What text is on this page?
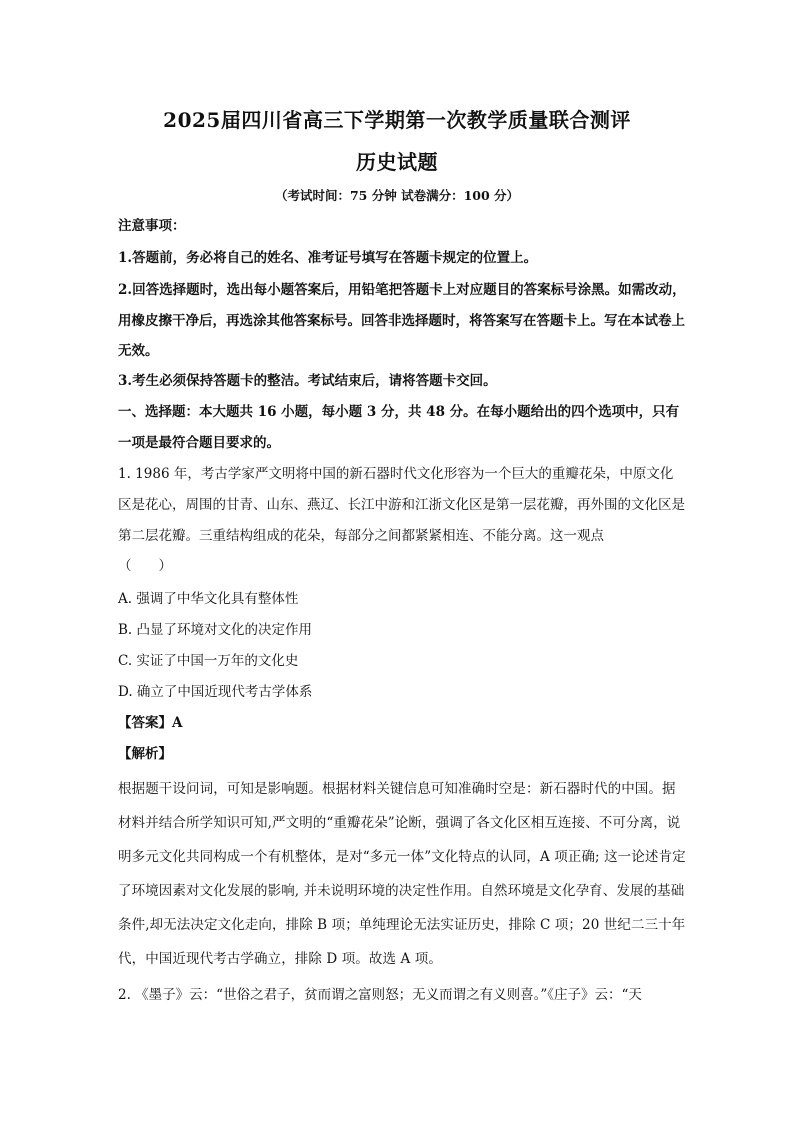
2025届四川省高三下学期第一次教学质量联合测评
历史试题
（考试时间：75 分钟 试卷满分：100 分）
注意事项：
1.答题前，务必将自己的姓名、准考证号填写在答题卡规定的位置上。
2.回答选择题时，选出每小题答案后，用铅笔把答题卡上对应题目的答案标号涂黑。如需改动，用橡皮擦干净后，再选涂其他答案标号。回答非选择题时，将答案写在答题卡上。写在本试卷上无效。
3.考生必须保持答题卡的整洁。考试结束后，请将答题卡交回。
一、选择题：本大题共 16 小题，每小题 3 分，共 48 分。在每小题给出的四个选项中，只有一项是最符合题目要求的。
1. 1986 年，考古学家严文明将中国的新石器时代文化形容为一个巨大的重瓣花朵，中原文化区是花心，周围的甘青、山东、燕辽、长江中游和江浙文化区是第一层花瓣，再外围的文化区是第二层花瓣。三重结构组成的花朵，每部分之间都紧紧相连、不能分离。这一观点
（　　）
A. 强调了中华文化具有整体性
B. 凸显了环境对文化的决定作用
C. 实证了中国一万年的文化史
D. 确立了中国近现代考古学体系
【答案】A
【解析】
根据题干设问词，可知是影响题。根据材料关键信息可知准确时空是：新石器时代的中国。据材料并结合所学知识可知,严文明的“重瓣花朵”论断，强调了各文化区相互连接、不可分离，说明多元文化共同构成一个有机整体，是对“多元一体”文化特点的认同，A 项正确; 这一论述肯定了环境因素对文化发展的影响, 并未说明环境的决定性作用。自然环境是文化孕育、发展的基础条件,却无法决定文化走向，排除 B 项；单纯理论无法实证历史，排除 C 项；20 世纪二三十年代，中国近现代考古学确立，排除 D 项。故选 A 项。
2. 《墨子》云：“世俗之君子，贫而谓之富则怒；无义而谓之有义则喜。”《庄子》云：“天
